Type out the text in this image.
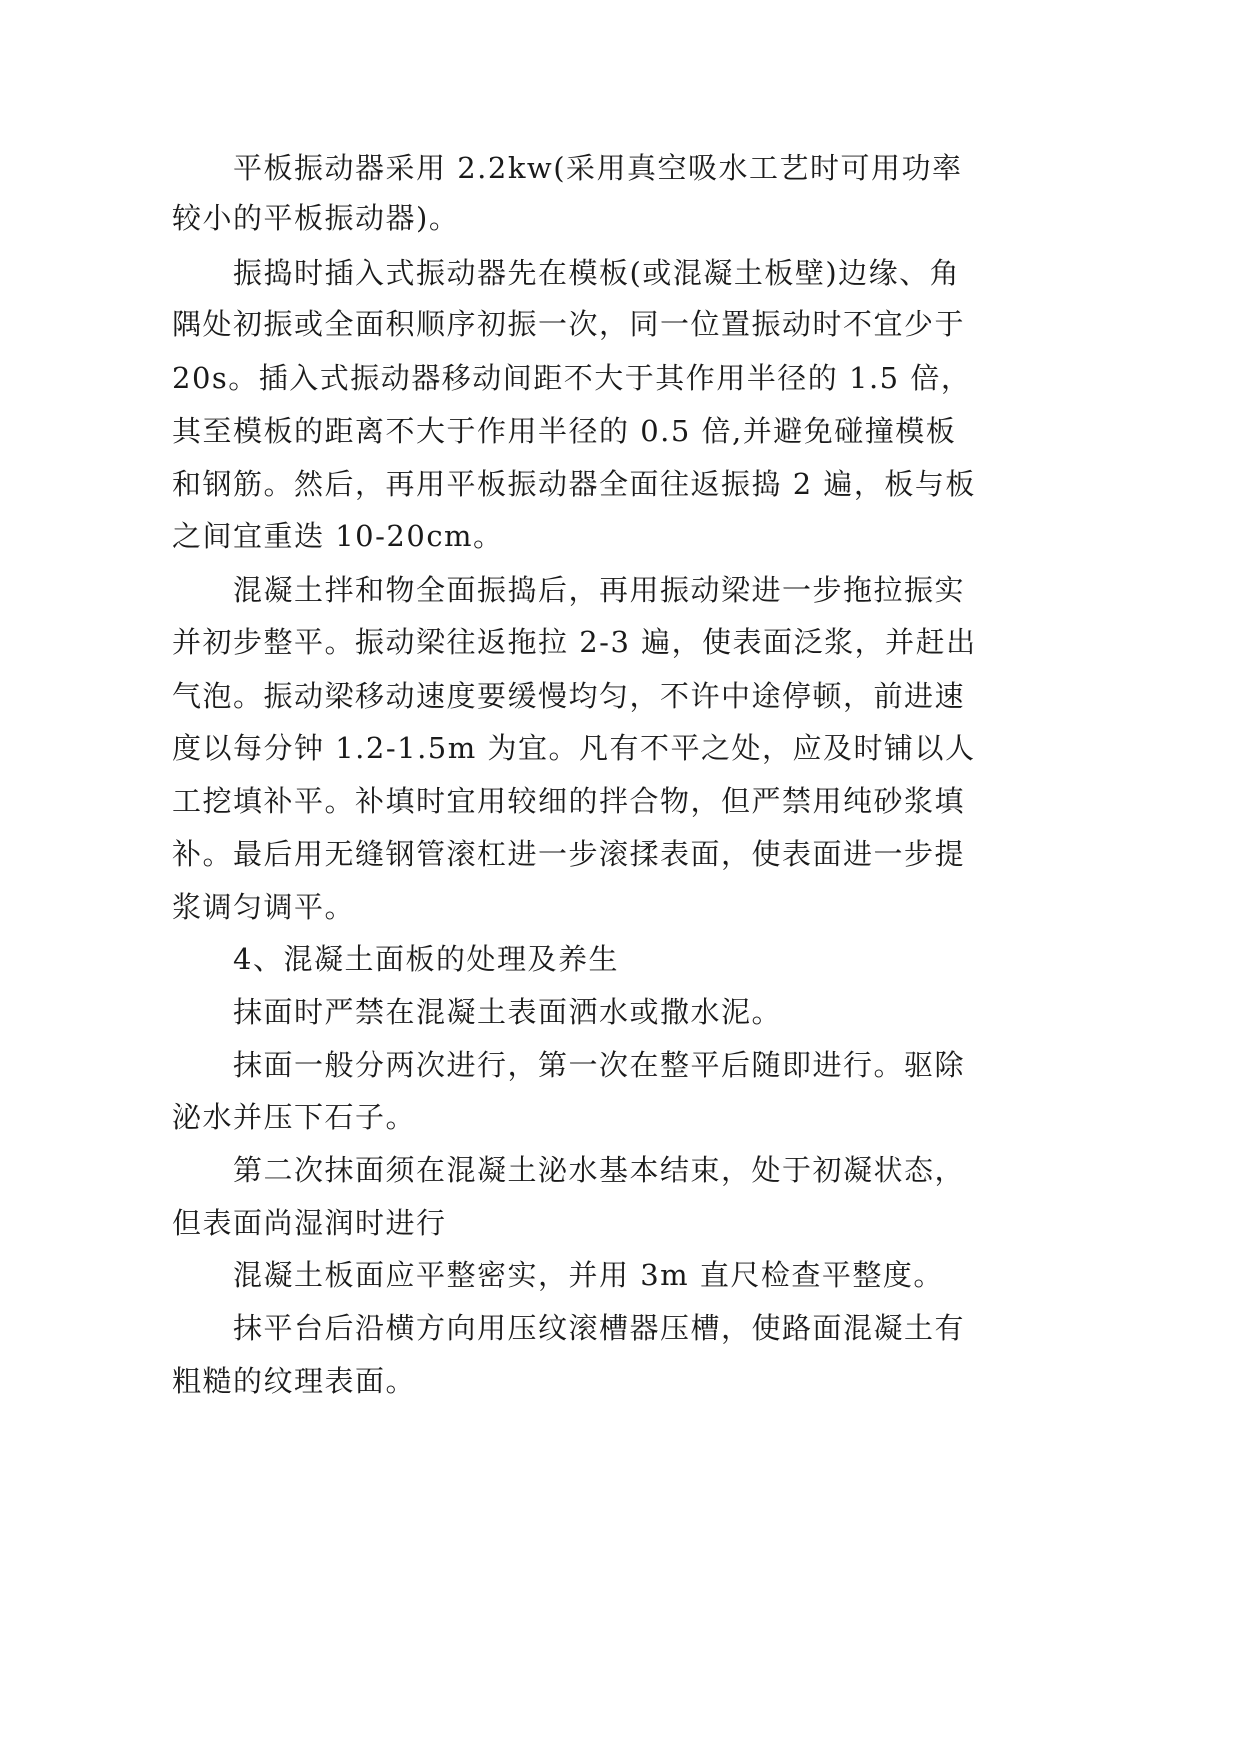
平板振动器采用 2.2kw(采用真空吸水工艺时可用功率
较小的平板振动器)。
振捣时插入式振动器先在模板(或混凝土板壁)边缘、角
隅处初振或全面积顺序初振一次，同一位置振动时不宜少于
20s。插入式振动器移动间距不大于其作用半径的 1.5 倍，
其至模板的距离不大于作用半径的 0.5 倍,并避免碰撞模板
和钢筋。然后，再用平板振动器全面往返振捣 2 遍，板与板
之间宜重迭 10-20cm。
混凝土拌和物全面振捣后，再用振动梁进一步拖拉振实
并初步整平。振动梁往返拖拉 2-3 遍，使表面泛浆，并赶出
气泡。振动梁移动速度要缓慢均匀，不许中途停顿，前进速
度以每分钟 1.2-1.5m 为宜。凡有不平之处，应及时铺以人
工挖填补平。补填时宜用较细的拌合物，但严禁用纯砂浆填
补。最后用无缝钢管滚杠进一步滚揉表面，使表面进一步提
浆调匀调平。
4、混凝土面板的处理及养生
抹面时严禁在混凝土表面洒水或撒水泥。
抹面一般分两次进行，第一次在整平后随即进行。驱除
泌水并压下石子。
第二次抹面须在混凝土泌水基本结束，处于初凝状态，
但表面尚湿润时进行
混凝土板面应平整密实，并用 3m 直尺检查平整度。
抹平台后沿横方向用压纹滚槽器压槽，使路面混凝土有
粗糙的纹理表面。
